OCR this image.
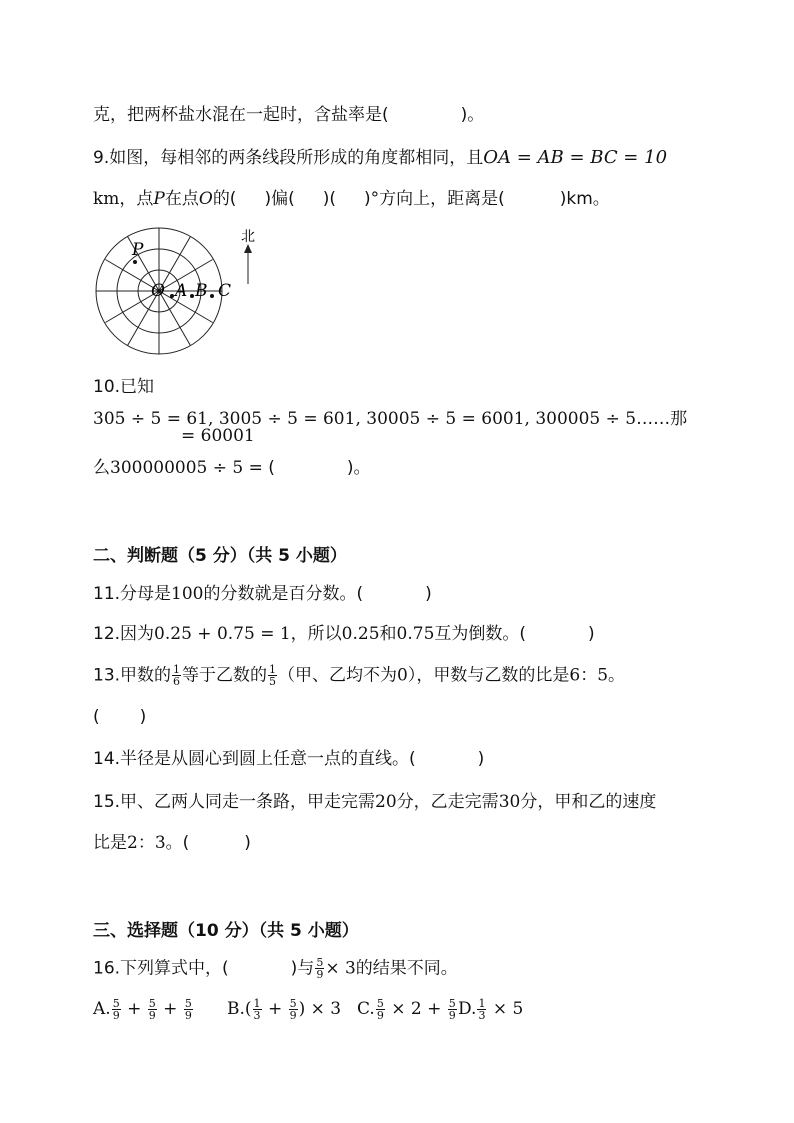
克，把两杯盐水混在一起时，含盐率是(	)。
9.如图，每相邻的两条线段所形成的角度都相同，且OA = AB = BC = 10
km，点P在点O的( )偏( )( )°方向上，距离是(	)km。
北
P
O A B C
10.已知
305 ÷ 5 = 61, 3005 ÷ 5 = 601, 30005 ÷ 5 = 6001, 300005 ÷ 5……那
= 60001
么300000005 ÷ 5 = (	)。
二、判断题（5 分）（共 5 小题）
11.分母是100的分数就是百分数。(	)
12.因为0.25 + 0.75 = 1，所以0.25和0.75互为倒数。(	)
13.甲数的 $\frac{1}{6}$ 等于乙数的 $\frac{1}{5}$ （甲、乙均不为0），甲数与乙数的比是6：5。
( )
14.半径是从圆心到圆上任意一点的直线。(	)
15.甲、乙两人同走一条路，甲走完需20分，乙走完需30分，甲和乙的速度
比是2：3。(	)
三、选择题（10 分）（共 5 小题）
16.下列算式中，(	)与 $\frac{5}{9} \times 3$的结果不同。
A. $\frac{5}{9} + \frac{5}{9} + \frac{5}{9} B.( \frac{1}{3} + \frac{5}{9}$ ) × 3 C. $\frac{5}{9} \times 2 + \frac{5}{9} D$. $\frac{1}{3} \times 5$
